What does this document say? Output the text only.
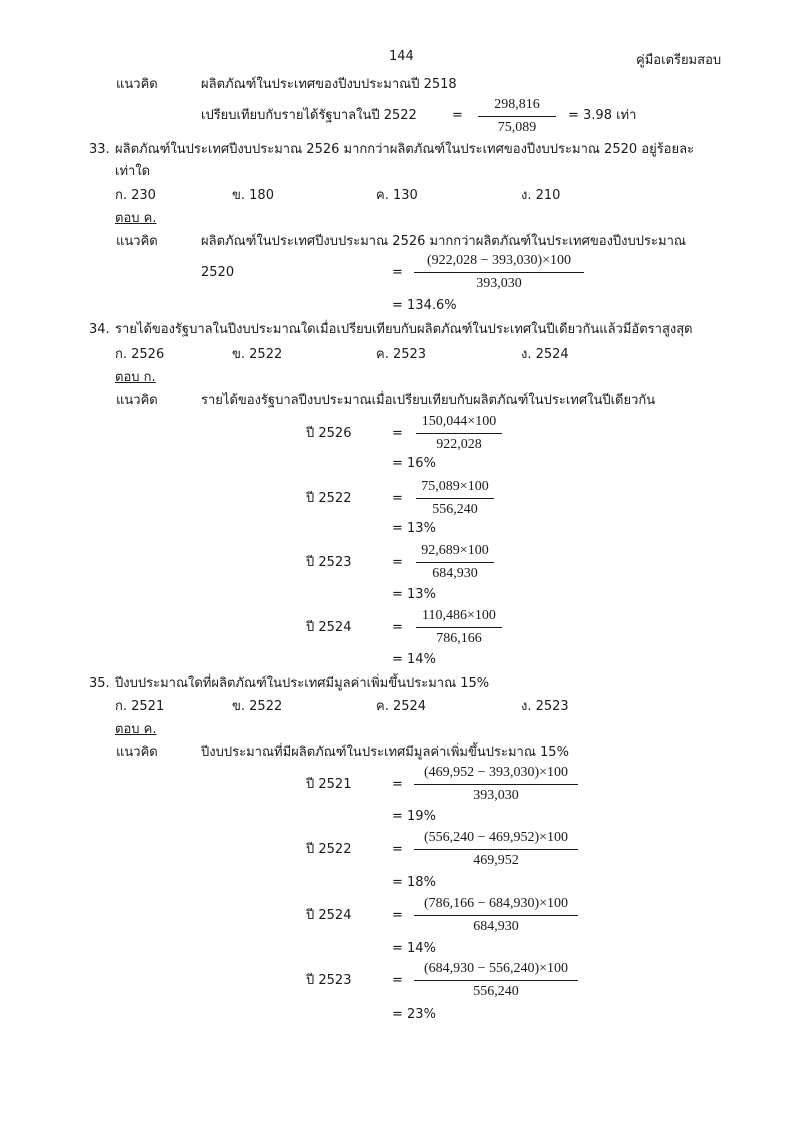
144	คู่มือเตรียมสอบ
แนวคิด	ผลิตภัณฑ์ในประเทศของปีงบประมาณปี 2518
เปรียบเทียบกับรายได้รัฐบาลในปี 2522	= $\frac{298,816}{75,089} = 3.98$ เท่า
33. ผลิตภัณฑ์ในประเทศปีงบประมาณ 2526 มากกว่าผลิตภัณฑ์ในประเทศของปีงบประมาณ 2520 อยู่ร้อยละ
เท่าใด
ก. 230	ข. 180	ค. 130	ง. 210
ตอบ ค.
แนวคิด	ผลิตภัณฑ์ในประเทศปีงบประมาณ 2526 มากกว่าผลิตภัณฑ์ในประเทศของปีงบประมาณ
2520	= $\frac{(922,028 - 393,030)\times 100}{393,030}$
= 134.6%
34. รายได้ของรัฐบาลในปีงบประมาณใดเมื่อเปรียบเทียบกับผลิตภัณฑ์ในประเทศในปีเดียวกันแล้วมีอัตราสูงสุด
ก. 2526	ข. 2522	ค. 2523	ง. 2524
ตอบ ก.
แนวคิด	รายได้ของรัฐบาลปีงบประมาณเมื่อเปรียบเทียบกับผลิตภัณฑ์ในประเทศในปีเดียวกัน
ปี 2526	= $\frac{150,044\times 100}{922,028}$
= 16%
ปี 2522	= $\frac{75,089\times 100}{556,240}$
= 13%
ปี 2523	= $\frac{92,689\times 100}{684,930}$
= 13%
ปี 2524	= $\frac{110,486\times 100}{786,166}$
= 14%
35. ปีงบประมาณใดที่ผลิตภัณฑ์ในประเทศมีมูลค่าเพิ่มขึ้นประมาณ 15%
ก. 2521	ข. 2522	ค. 2524	ง. 2523
ตอบ ค.
แนวคิด	ปีงบประมาณที่มีผลิตภัณฑ์ในประเทศมีมูลค่าเพิ่มขึ้นประมาณ 15%
ปี 2521	= $\frac{(469,952 - 393,030)\times 100}{393,030}$
= 19%
ปี 2522	= $\frac{(556,240 - 469,952)\times 100}{469,952}$
= 18%
ปี 2524	= $\frac{(786,166 - 684,930)\times 100}{684,930}$
= 14%
ปี 2523	= $\frac{(684,930 - 556,240)\times 100}{556,240}$
= 23%
